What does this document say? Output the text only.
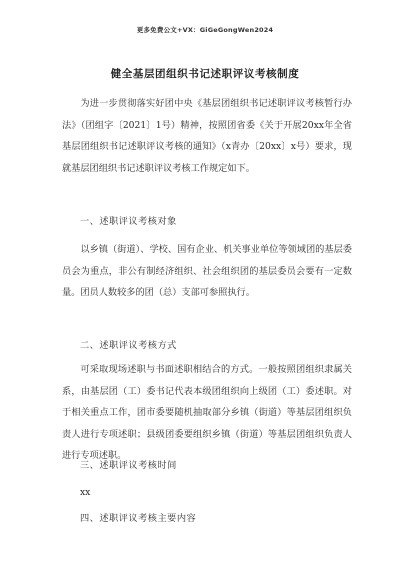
更多免费公文+VX：GiGeGongWen2024
健全基层团组织书记述职评议考核制度
为进一步贯彻落实好团中央《基层团组织书记述职评议考核暂行办法》（团组字〔2021〕1号）精神，按照团省委《关于开展20xx年全省基层团组织书记述职评议考核的通知》（x青办〔20xx〕x号）要求，现就基层团组织书记述职评议考核工作规定如下。
一、述职评议考核对象
以乡镇（街道）、学校、国有企业、机关事业单位等领域团的基层委员会为重点，非公有制经济组织、社会组织团的基层委员会要有一定数量。团员人数较多的团（总）支部可参照执行。
二、述职评议考核方式
可采取现场述职与书面述职相结合的方式。一般按照团组织隶属关系，由基层团（工）委书记代表本级团组织向上级团（工）委述职。对于相关重点工作，团市委要随机抽取部分乡镇（街道）等基层团组织负责人进行专项述职；县级团委要组织乡镇（街道）等基层团组织负责人进行专项述职。
三、述职评议考核时间
xx
四、述职评议考核主要内容
